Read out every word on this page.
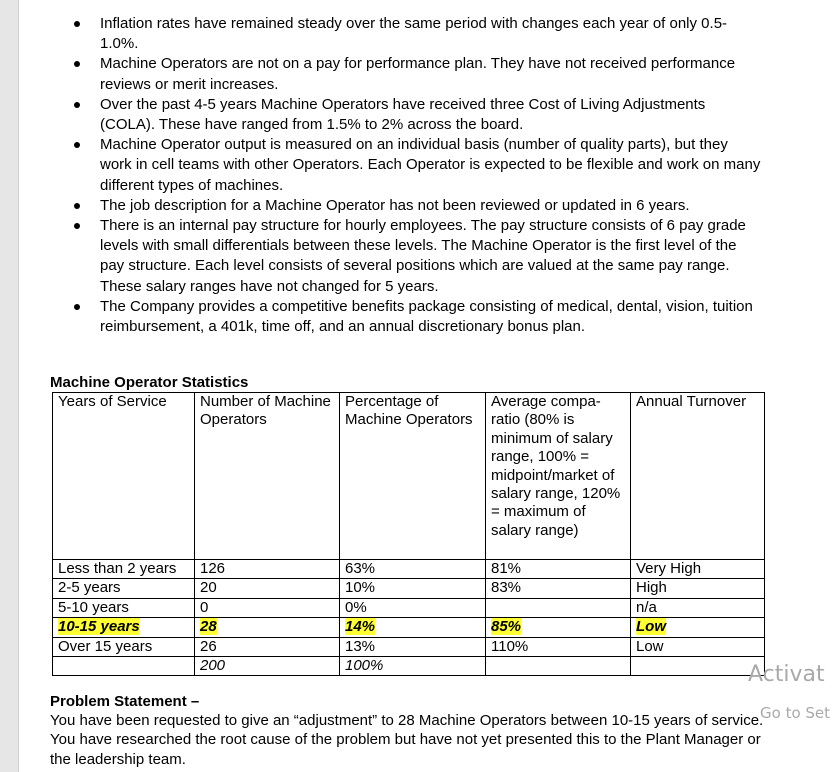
Inflation rates have remained steady over the same period with changes each year of only 0.5-1.0%.
Machine Operators are not on a pay for performance plan. They have not received performance reviews or merit increases.
Over the past 4-5 years Machine Operators have received three Cost of Living Adjustments (COLA). These have ranged from 1.5% to 2% across the board.
Machine Operator output is measured on an individual basis (number of quality parts), but they work in cell teams with other Operators. Each Operator is expected to be flexible and work on many different types of machines.
The job description for a Machine Operator has not been reviewed or updated in 6 years.
There is an internal pay structure for hourly employees. The pay structure consists of 6 pay grade levels with small differentials between these levels. The Machine Operator is the first level of the pay structure. Each level consists of several positions which are valued at the same pay range. These salary ranges have not changed for 5 years.
The Company provides a competitive benefits package consisting of medical, dental, vision, tuition reimbursement, a 401k, time off, and an annual discretionary bonus plan.
Machine Operator Statistics
Years of Service	Number of Machine Operators	Percentage of Machine Operators	Average compa-ratio (80% is minimum of salary range, 100% = midpoint/market of salary range, 120% = maximum of salary range)	Annual Turnover
Less than 2 years	126	63%	81%	Very High
2-5 years	20	10%	83%	High
5-10 years	0	0%		n/a
10-15 years	28	14%	85%	Low
Over 15 years	26	13%	110%	Low
	200	100%		
Problem Statement –
You have been requested to give an “adjustment” to 28 Machine Operators between 10-15 years of service. You have researched the root cause of the problem but have not yet presented this to the Plant Manager or the leadership team.
Activat
Go to Set
